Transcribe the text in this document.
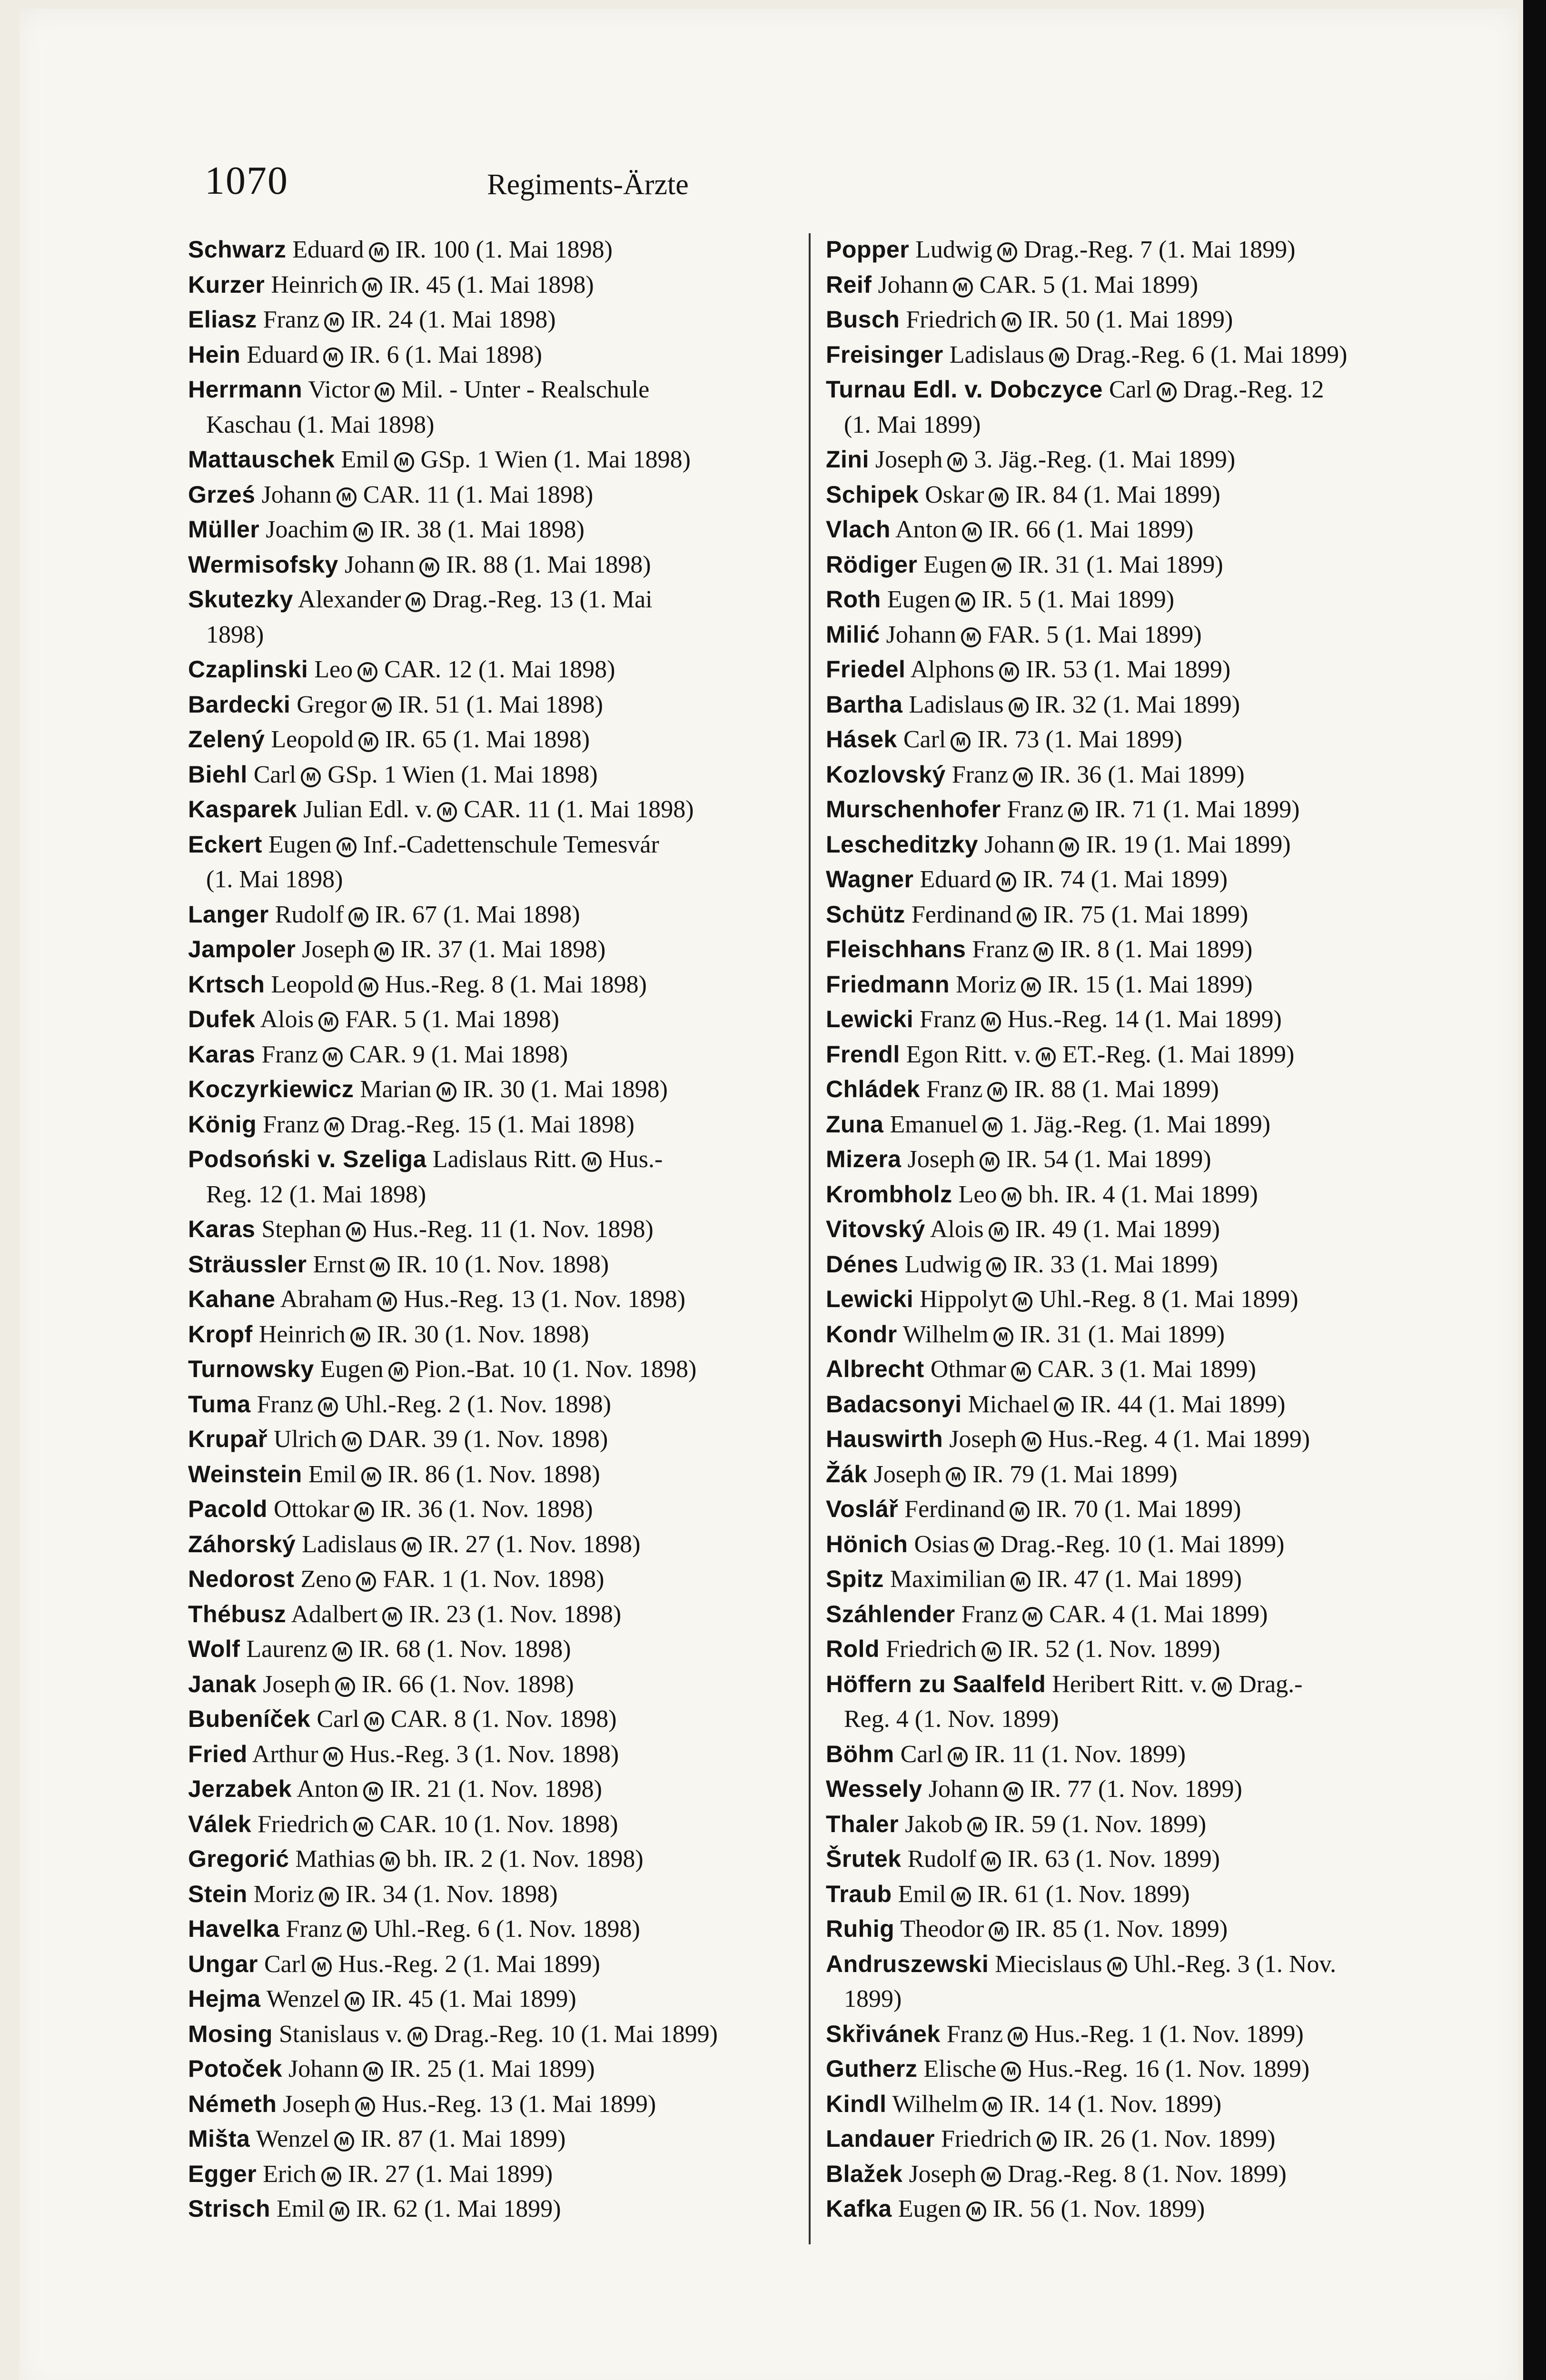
1070	Regiments-Ärzte
Schwarz Eduard M IR. 100 (1. Mai 1898)
Kurzer Heinrich M IR. 45 (1. Mai 1898)
Eliasz Franz M IR. 24 (1. Mai 1898)
Hein Eduard M IR. 6 (1. Mai 1898)
Herrmann Victor M Mil. - Unter - Realschule
Kaschau (1. Mai 1898)
Mattauschek Emil M GSp. 1 Wien (1. Mai 1898)
Grześ Johann M CAR. 11 (1. Mai 1898)
Müller Joachim M IR. 38 (1. Mai 1898)
Wermisofsky Johann M IR. 88 (1. Mai 1898)
Skutezky Alexander M Drag.-Reg. 13 (1. Mai
1898)
Czaplinski Leo M CAR. 12 (1. Mai 1898)
Bardecki Gregor M IR. 51 (1. Mai 1898)
Zelený Leopold M IR. 65 (1. Mai 1898)
Biehl Carl M GSp. 1 Wien (1. Mai 1898)
Kasparek Julian Edl. v. M CAR. 11 (1. Mai 1898)
Eckert Eugen M Inf.-Cadettenschule Temesvár
(1. Mai 1898)
Langer Rudolf M IR. 67 (1. Mai 1898)
Jampoler Joseph M IR. 37 (1. Mai 1898)
Krtsch Leopold M Hus.-Reg. 8 (1. Mai 1898)
Dufek Alois M FAR. 5 (1. Mai 1898)
Karas Franz M CAR. 9 (1. Mai 1898)
Koczyrkiewicz Marian M IR. 30 (1. Mai 1898)
König Franz M Drag.-Reg. 15 (1. Mai 1898)
Podsoński v. Szeliga Ladislaus Ritt. M Hus.-
Reg. 12 (1. Mai 1898)
Karas Stephan M Hus.-Reg. 11 (1. Nov. 1898)
Sträussler Ernst M IR. 10 (1. Nov. 1898)
Kahane Abraham M Hus.-Reg. 13 (1. Nov. 1898)
Kropf Heinrich M IR. 30 (1. Nov. 1898)
Turnowsky Eugen M Pion.-Bat. 10 (1. Nov. 1898)
Tuma Franz M Uhl.-Reg. 2 (1. Nov. 1898)
Krupař Ulrich M DAR. 39 (1. Nov. 1898)
Weinstein Emil M IR. 86 (1. Nov. 1898)
Pacold Ottokar M IR. 36 (1. Nov. 1898)
Záhorský Ladislaus M IR. 27 (1. Nov. 1898)
Nedorost Zeno M FAR. 1 (1. Nov. 1898)
Thébusz Adalbert M IR. 23 (1. Nov. 1898)
Wolf Laurenz M IR. 68 (1. Nov. 1898)
Janak Joseph M IR. 66 (1. Nov. 1898)
Bubeníček Carl M CAR. 8 (1. Nov. 1898)
Fried Arthur M Hus.-Reg. 3 (1. Nov. 1898)
Jerzabek Anton M IR. 21 (1. Nov. 1898)
Válek Friedrich M CAR. 10 (1. Nov. 1898)
Gregorić Mathias M bh. IR. 2 (1. Nov. 1898)
Stein Moriz M IR. 34 (1. Nov. 1898)
Havelka Franz M Uhl.-Reg. 6 (1. Nov. 1898)
Ungar Carl M Hus.-Reg. 2 (1. Mai 1899)
Hejma Wenzel M IR. 45 (1. Mai 1899)
Mosing Stanislaus v. M Drag.-Reg. 10 (1. Mai 1899)
Potoček Johann M IR. 25 (1. Mai 1899)
Németh Joseph M Hus.-Reg. 13 (1. Mai 1899)
Mišta Wenzel M IR. 87 (1. Mai 1899)
Egger Erich M IR. 27 (1. Mai 1899)
Strisch Emil M IR. 62 (1. Mai 1899)
Popper Ludwig M Drag.-Reg. 7 (1. Mai 1899)
Reif Johann M CAR. 5 (1. Mai 1899)
Busch Friedrich M IR. 50 (1. Mai 1899)
Freisinger Ladislaus M Drag.-Reg. 6 (1. Mai 1899)
Turnau Edl. v. Dobczyce Carl M Drag.-Reg. 12
(1. Mai 1899)
Zini Joseph M 3. Jäg.-Reg. (1. Mai 1899)
Schipek Oskar M IR. 84 (1. Mai 1899)
Vlach Anton M IR. 66 (1. Mai 1899)
Rödiger Eugen M IR. 31 (1. Mai 1899)
Roth Eugen M IR. 5 (1. Mai 1899)
Milić Johann M FAR. 5 (1. Mai 1899)
Friedel Alphons M IR. 53 (1. Mai 1899)
Bartha Ladislaus M IR. 32 (1. Mai 1899)
Hásek Carl M IR. 73 (1. Mai 1899)
Kozlovský Franz M IR. 36 (1. Mai 1899)
Murschenhofer Franz M IR. 71 (1. Mai 1899)
Lescheditzky Johann M IR. 19 (1. Mai 1899)
Wagner Eduard M IR. 74 (1. Mai 1899)
Schütz Ferdinand M IR. 75 (1. Mai 1899)
Fleischhans Franz M IR. 8 (1. Mai 1899)
Friedmann Moriz M IR. 15 (1. Mai 1899)
Lewicki Franz M Hus.-Reg. 14 (1. Mai 1899)
Frendl Egon Ritt. v. M ET.-Reg. (1. Mai 1899)
Chládek Franz M IR. 88 (1. Mai 1899)
Zuna Emanuel M 1. Jäg.-Reg. (1. Mai 1899)
Mizera Joseph M IR. 54 (1. Mai 1899)
Krombholz Leo M bh. IR. 4 (1. Mai 1899)
Vitovský Alois M IR. 49 (1. Mai 1899)
Dénes Ludwig M IR. 33 (1. Mai 1899)
Lewicki Hippolyt M Uhl.-Reg. 8 (1. Mai 1899)
Kondr Wilhelm M IR. 31 (1. Mai 1899)
Albrecht Othmar M CAR. 3 (1. Mai 1899)
Badacsonyi Michael M IR. 44 (1. Mai 1899)
Hauswirth Joseph M Hus.-Reg. 4 (1. Mai 1899)
Žák Joseph M IR. 79 (1. Mai 1899)
Voslář Ferdinand M IR. 70 (1. Mai 1899)
Hönich Osias M Drag.-Reg. 10 (1. Mai 1899)
Spitz Maximilian M IR. 47 (1. Mai 1899)
Száhlender Franz M CAR. 4 (1. Mai 1899)
Rold Friedrich M IR. 52 (1. Nov. 1899)
Höffern zu Saalfeld Heribert Ritt. v. M Drag.-
Reg. 4 (1. Nov. 1899)
Böhm Carl M IR. 11 (1. Nov. 1899)
Wessely Johann M IR. 77 (1. Nov. 1899)
Thaler Jakob M IR. 59 (1. Nov. 1899)
Šrutek Rudolf M IR. 63 (1. Nov. 1899)
Traub Emil M IR. 61 (1. Nov. 1899)
Ruhig Theodor M IR. 85 (1. Nov. 1899)
Andruszewski Miecislaus M Uhl.-Reg. 3 (1. Nov.
1899)
Skřivánek Franz M Hus.-Reg. 1 (1. Nov. 1899)
Gutherz Elische M Hus.-Reg. 16 (1. Nov. 1899)
Kindl Wilhelm M IR. 14 (1. Nov. 1899)
Landauer Friedrich M IR. 26 (1. Nov. 1899)
Blažek Joseph M Drag.-Reg. 8 (1. Nov. 1899)
Kafka Eugen M IR. 56 (1. Nov. 1899)
